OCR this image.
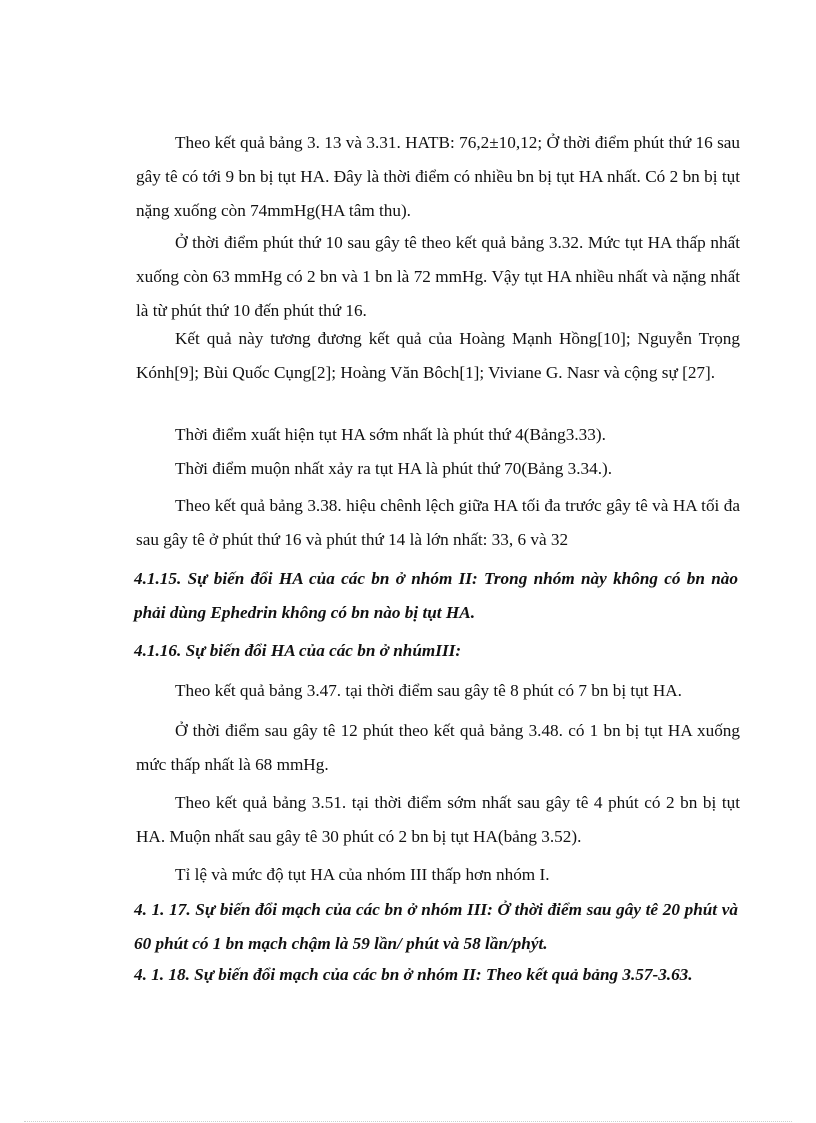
Theo kết quả bảng 3. 13 và 3.31. HATB: 76,2±10,12; Ở thời điểm phút thứ 16 sau gây tê có tới 9 bn bị tụt HA. Đây là thời điểm có nhiều bn bị tụt HA nhất. Có 2 bn bị tụt nặng xuống còn 74mmHg(HA tâm thu).

Ở thời điểm phút thứ 10 sau gây tê theo kết quả bảng 3.32. Mức tụt HA thấp nhất xuống còn 63 mmHg có 2 bn và 1 bn là 72 mmHg. Vậy tụt HA nhiều nhất và nặng nhất là từ phút thứ 10 đến phút thứ 16.

Kết quả này tương đương kết quả của Hoàng Mạnh Hồng[10]; Nguyễn Trọng Kónh[9]; Bùi Quốc Cụng[2]; Hoàng Văn Bôch[1]; Viviane G. Nasr và cộng sự [27].

Thời điểm xuất hiện tụt HA sớm nhất là phút thứ 4(Bảng3.33).

Thời điểm muộn nhất xảy ra tụt HA là phút thứ 70(Bảng 3.34.).

Theo kết quả bảng 3.38. hiệu chênh lệch giữa HA tối đa trước gây tê và HA tối đa sau gây tê ở phút thứ 16 và phút thứ 14 là lớn nhất: 33, 6 và 32

4.1.15. Sự biến đổi HA của các bn ở nhóm II: Trong nhóm này không có bn nào phải dùng Ephedrin không có bn nào bị tụt HA.

4.1.16. Sự biến đổi HA của các bn ở nhúmIII:

Theo kết quả bảng 3.47. tại thời điểm sau gây tê 8 phút có 7 bn bị tụt HA.

Ở thời điểm sau gây tê 12 phút theo kết quả bảng 3.48. có 1 bn bị tụt HA xuống mức thấp nhất là 68 mmHg.

Theo kết quả bảng 3.51. tại thời điểm sớm nhất sau gây tê 4 phút có 2 bn bị tụt HA. Muộn nhất sau gây tê 30 phút có 2 bn bị tụt HA(bảng 3.52).

Tỉ lệ và mức độ tụt HA của nhóm III thấp hơn nhóm I.

4. 1. 17. Sự biến đổi mạch của các bn ở nhóm III: Ở thời điểm sau gây tê 20 phút và 60 phút có 1 bn mạch chậm là 59 lần/ phút và 58 lần/phýt.

4. 1. 18. Sự biến đổi mạch của các bn ở nhóm II: Theo kết quả bảng 3.57-3.63.
